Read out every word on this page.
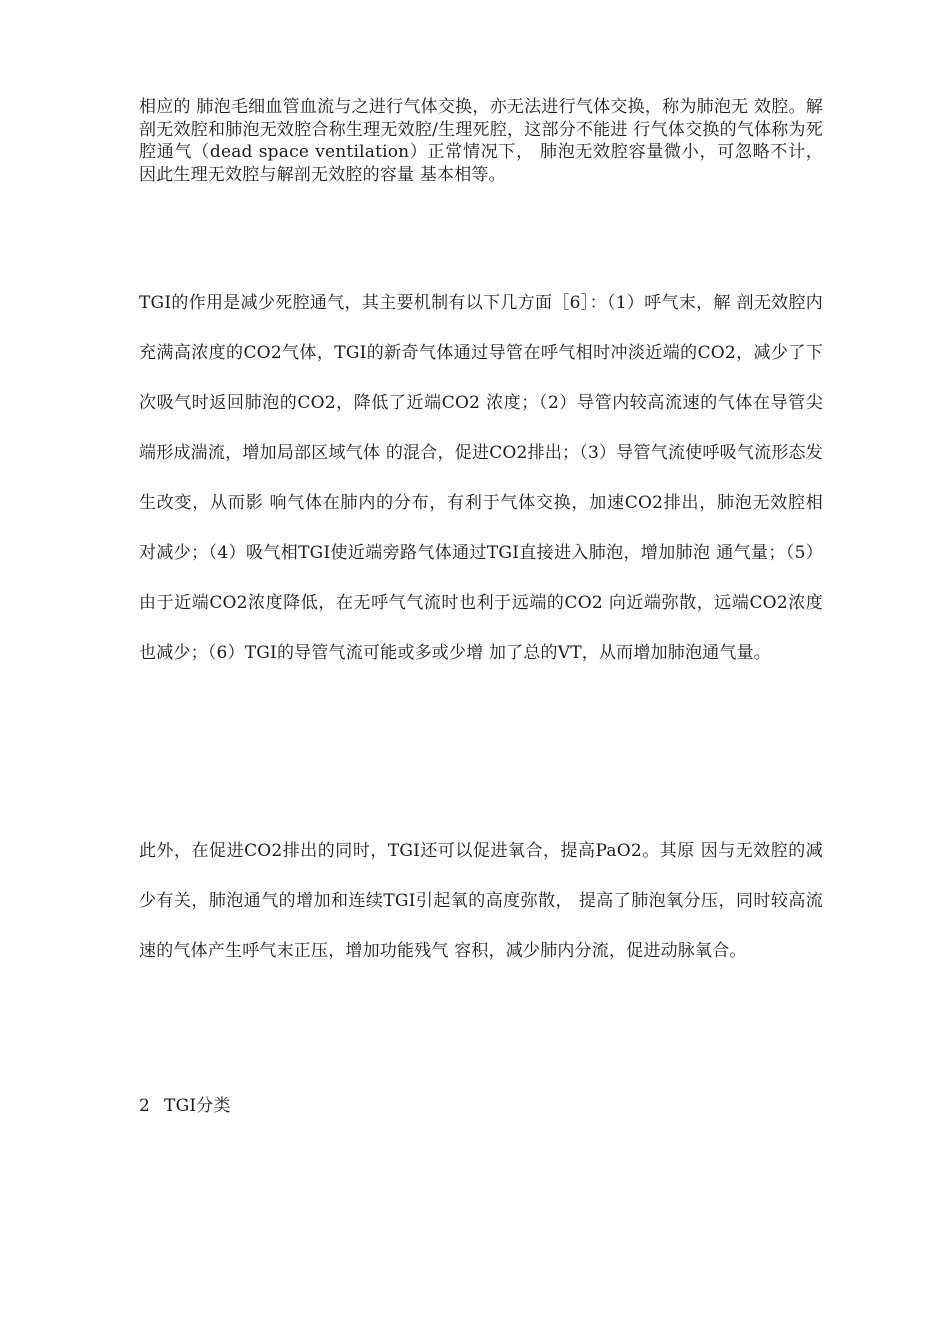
相应的 肺泡毛细血管血流与之进行气体交换，亦无法进行气体交换，称为肺泡无 效腔。解剖无效腔和肺泡无效腔合称生理无效腔/生理死腔，这部分不能进 行气体交换的气体称为死腔通气（dead space ventilation）正常情况下， 肺泡无效腔容量微小，可忽略不计，因此生理无效腔与解剖无效腔的容量 基本相等。

TGI的作用是减少死腔通气，其主要机制有以下几方面［6］：（1）呼气末，解 剖无效腔内充满高浓度的CO2气体，TGI的新奇气体通过导管在呼气相时冲淡近端的CO2，减少了下次吸气时返回肺泡的CO2，降低了近端CO2 浓度；（2）导管内较高流速的气体在导管尖端形成湍流，增加局部区域气体 的混合，促进CO2排出；（3）导管气流使呼吸气流形态发生改变，从而影 响气体在肺内的分布，有利于气体交换，加速CO2排出，肺泡无效腔相 对减少；（4）吸气相TGI使近端旁路气体通过TGI直接进入肺泡，增加肺泡 通气量；（5）由于近端CO2浓度降低，在无呼气气流时也利于远端的CO2 向近端弥散，远端CO2浓度也减少；（6）TGI的导管气流可能或多或少增 加了总的VT，从而增加肺泡通气量。

此外，在促进CO2排出的同时，TGI还可以促进氧合，提高PaO2。其原 因与无效腔的减少有关，肺泡通气的增加和连续TGI引起氧的高度弥散， 提高了肺泡氧分压，同时较高流速的气体产生呼气末正压，增加功能残气 容积，减少肺内分流，促进动脉氧合。

2 TGI分类
